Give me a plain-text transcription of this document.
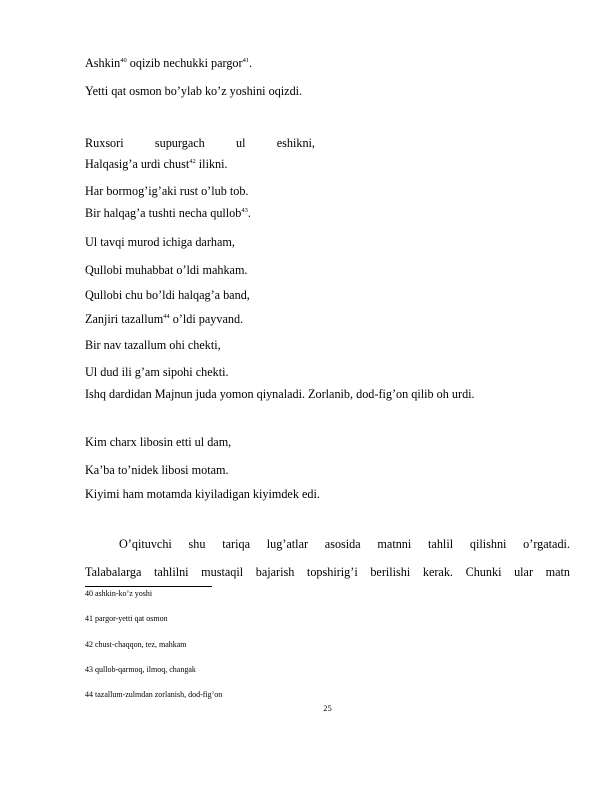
Ashkin$^{40}$ oqizib nechukki pargor$^{41}$.
Yetti qat osmon bo’ylab ko’z yoshini oqizdi.
Ruxsori	supurgach	ul	eshikni,
Halqasig’a urdi chust$^{42}$ ilikni.
Har bormog’ig’aki rust o’lub tob.
Bir halqag’a tushti necha qullob$^{43}$.
Ul tavqi murod ichiga darham,
Qullobi muhabbat o’ldi mahkam.
Qullobi chu bo’ldi halqag’a band,
Zanjiri tazallum$^{44}$ o’ldi payvand.
Bir nav tazallum ohi chekti,
Ul dud ili g’am sipohi chekti.
Ishq dardidan Majnun juda yomon qiynaladi. Zorlanib, dod-fig’on qilib oh urdi.
Kim charx libosin etti ul dam,
Ka’ba to’nidek libosi motam.
Kiyimi ham motamda kiyiladigan kiyimdek edi.
O’qituvchi shu tariqa lug’atlar asosida matnni tahlil qilishni o’rgatadi.
Talabalarga tahlilni mustaqil bajarish topshirig’i berilishi kerak. Chunki ular matn
40 ashkin-ko’z yoshi
41 pargor-yetti qat osmon
42 chust-chaqqon, tez, mahkam
43 qullob-qarmoq, ilmoq, changak
44 tazallum-zulmdan zorlanish, dod-fig’on
25
